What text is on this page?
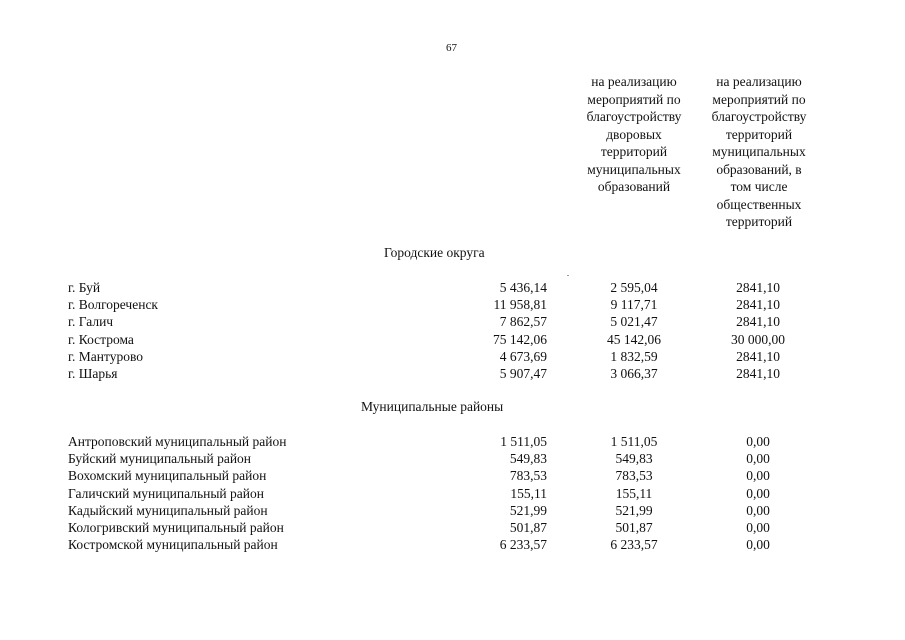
67
на реализацию
мероприятий по
благоустройству
дворовых
территорий
муниципальных
образований
на реализацию
мероприятий по
благоустройству
территорий
муниципальных
образований, в
том числе
общественных
территорий
Городские округа
г. Буй	5 436,14	2 595,04	2841,10
г. Волгореченск	11 958,81	9 117,71	2841,10
г. Галич	7 862,57	5 021,47	2841,10
г. Кострома	75 142,06	45 142,06	30 000,00
г. Мантурово	4 673,69	1 832,59	2841,10
г. Шарья	5 907,47	3 066,37	2841,10
Муниципальные районы
Антроповский муниципальный район	1 511,05	1 511,05	0,00
Буйский муниципальный район	549,83	549,83	0,00
Вохомский муниципальный район	783,53	783,53	0,00
Галичский муниципальный район	155,11	155,11	0,00
Кадыйский муниципальный район	521,99	521,99	0,00
Кологривский муниципальный район	501,87	501,87	0,00
Костромской муниципальный район	6 233,57	6 233,57	0,00
